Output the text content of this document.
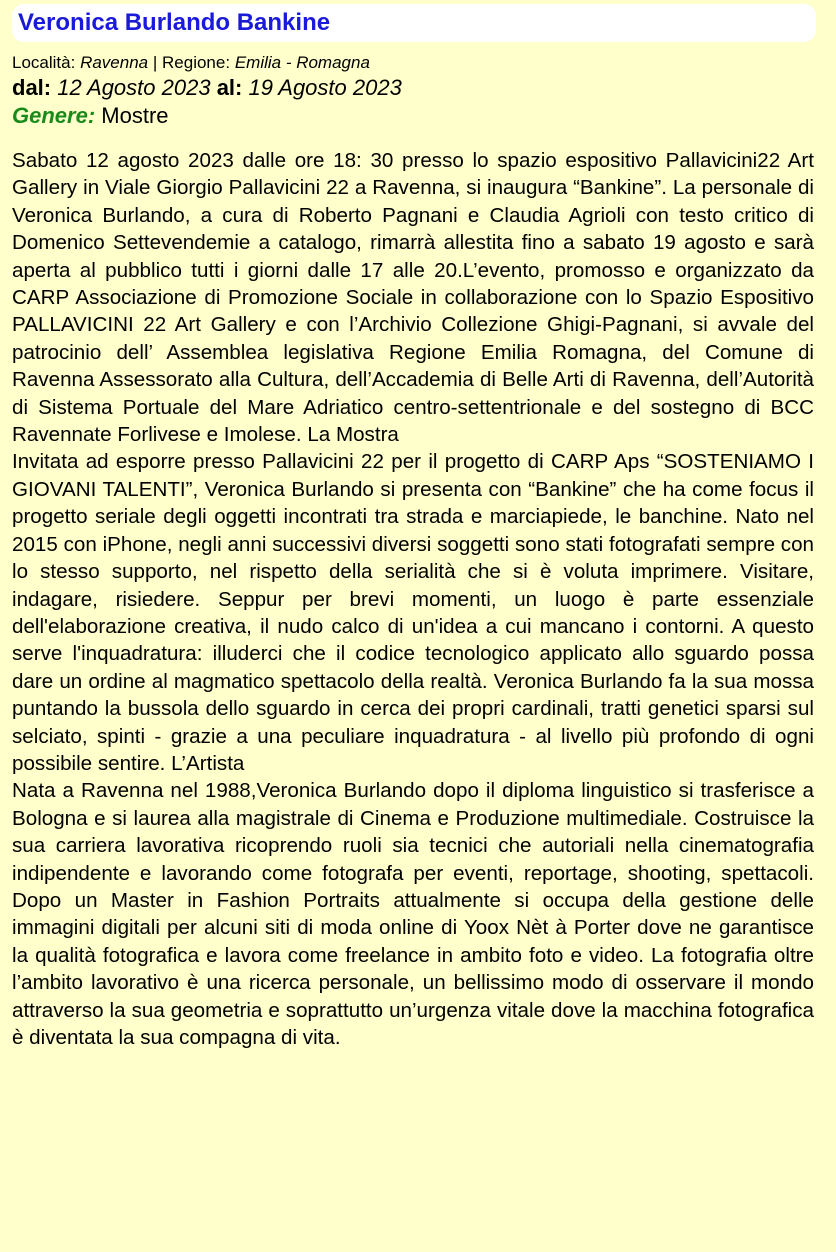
Veronica Burlando Bankine
Località: Ravenna | Regione: Emilia - Romagna
dal: 12 Agosto 2023 al: 19 Agosto 2023
Genere: Mostre

Sabato 12 agosto 2023 dalle ore 18: 30 presso lo spazio espositivo Pallavicini22 Art Gallery in Viale Giorgio Pallavicini 22 a Ravenna, si inaugura “Bankine”. La personale di Veronica Burlando, a cura di Roberto Pagnani e Claudia Agrioli con testo critico di Domenico Settevendemie a catalogo, rimarrà allestita fino a sabato 19 agosto e sarà aperta al pubblico tutti i giorni dalle 17 alle 20.L’evento, promosso e organizzato da CARP Associazione di Promozione Sociale in collaborazione con lo Spazio Espositivo PALLAVICINI 22 Art Gallery e con l’Archivio Collezione Ghigi-Pagnani, si avvale del patrocinio dell’ Assemblea legislativa Regione Emilia Romagna, del Comune di Ravenna Assessorato alla Cultura, dell’Accademia di Belle Arti di Ravenna, dell’Autorità di Sistema Portuale del Mare Adriatico centro-settentrionale e del sostegno di BCC Ravennate Forlivese e Imolese. La Mostra

Invitata ad esporre presso Pallavicini 22 per il progetto di CARP Aps “SOSTENIAMO I GIOVANI TALENTI”, Veronica Burlando si presenta con “Bankine” che ha come focus il progetto seriale degli oggetti incontrati tra strada e marciapiede, le banchine. Nato nel 2015 con iPhone, negli anni successivi diversi soggetti sono stati fotografati sempre con lo stesso supporto, nel rispetto della serialità che si è voluta imprimere. Visitare, indagare, risiedere. Seppur per brevi momenti, un luogo è parte essenziale dell'elaborazione creativa, il nudo calco di un'idea a cui mancano i contorni. A questo serve l'inquadratura: illuderci che il codice tecnologico applicato allo sguardo possa dare un ordine al magmatico spettacolo della realtà. Veronica Burlando fa la sua mossa puntando la bussola dello sguardo in cerca dei propri cardinali, tratti genetici sparsi sul selciato, spinti - grazie a una peculiare inquadratura - al livello più profondo di ogni possibile sentire. L’Artista

Nata a Ravenna nel 1988,Veronica Burlando dopo il diploma linguistico si trasferisce a Bologna e si laurea alla magistrale di Cinema e Produzione multimediale. Costruisce la sua carriera lavorativa ricoprendo ruoli sia tecnici che autoriali nella cinematografia indipendente e lavorando come fotografa per eventi, reportage, shooting, spettacoli. Dopo un Master in Fashion Portraits attualmente si occupa della gestione delle immagini digitali per alcuni siti di moda online di Yoox Nèt à Porter dove ne garantisce la qualità fotografica e lavora come freelance in ambito foto e video. La fotografia oltre l’ambito lavorativo è una ricerca personale, un bellissimo modo di osservare il mondo attraverso la sua geometria e soprattutto un’urgenza vitale dove la macchina fotografica è diventata la sua compagna di vita.
